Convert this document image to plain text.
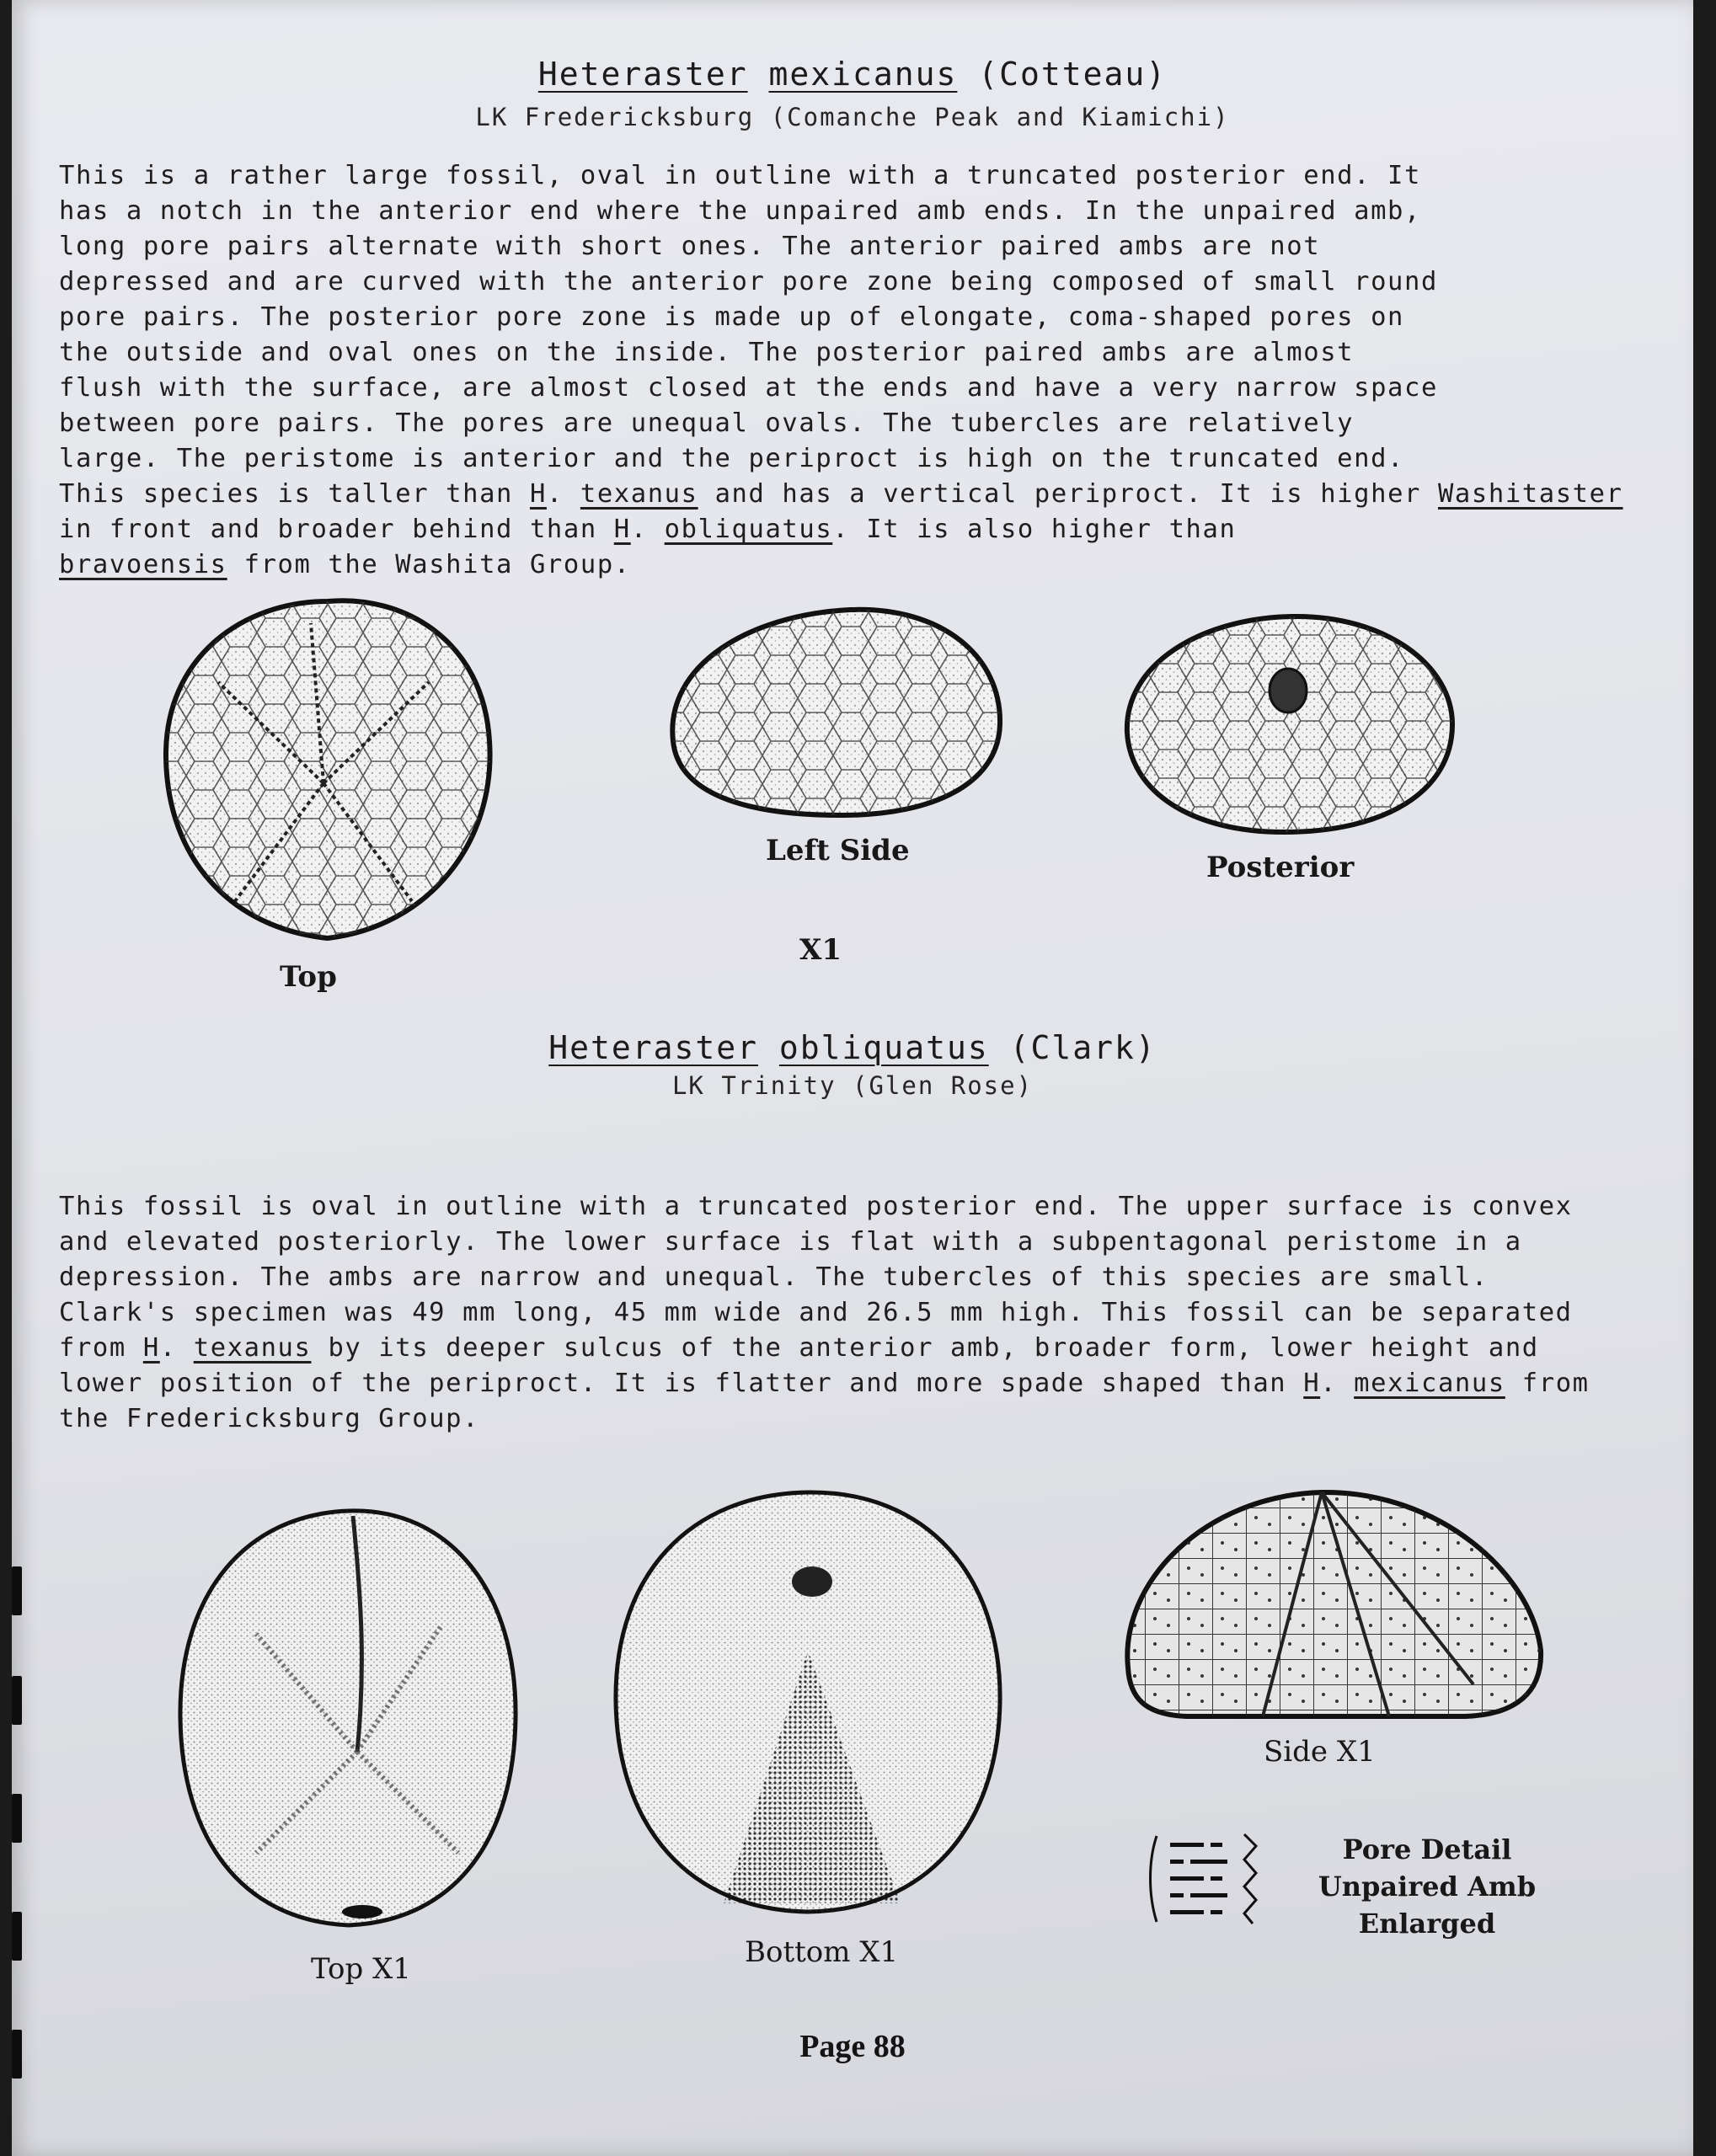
Heteraster mexicanus (Cotteau)
LK Fredericksburg (Comanche Peak and Kiamichi)
This is a rather large fossil, oval in outline with a truncated posterior end. It
has a notch in the anterior end where the unpaired amb ends. In the unpaired amb,
long pore pairs alternate with short ones. The anterior paired ambs are not
depressed and are curved with the anterior pore zone being composed of small round
pore pairs. The posterior pore zone is made up of elongate, coma-shaped pores on
the outside and oval ones on the inside. The posterior paired ambs are almost
flush with the surface, are almost closed at the ends and have a very narrow space
between pore pairs. The pores are unequal ovals. The tubercles are relatively
large. The peristome is anterior and the periproct is high on the truncated end.
This species is taller than H. texanus and has a vertical periproct. It is higher Washitaster
in front and broader behind than H. obliquatus. It is also higher than
bravoensis from the Washita Group.
Top
Left Side
X1
Posterior
Heteraster obliquatus (Clark)
LK Trinity (Glen Rose)
This fossil is oval in outline with a truncated posterior end. The upper surface is convex
and elevated posteriorly. The lower surface is flat with a subpentagonal peristome in a
depression. The ambs are narrow and unequal. The tubercles of this species are small.
Clark's specimen was 49 mm long, 45 mm wide and 26.5 mm high. This fossil can be separated
from H. texanus by its deeper sulcus of the anterior amb, broader form, lower height and
lower position of the periproct. It is flatter and more spade shaped than H. mexicanus from
the Fredericksburg Group.
Top X1	Bottom X1
Side X1
Pore Detail
Unpaired Amb
Enlarged
Page 88
